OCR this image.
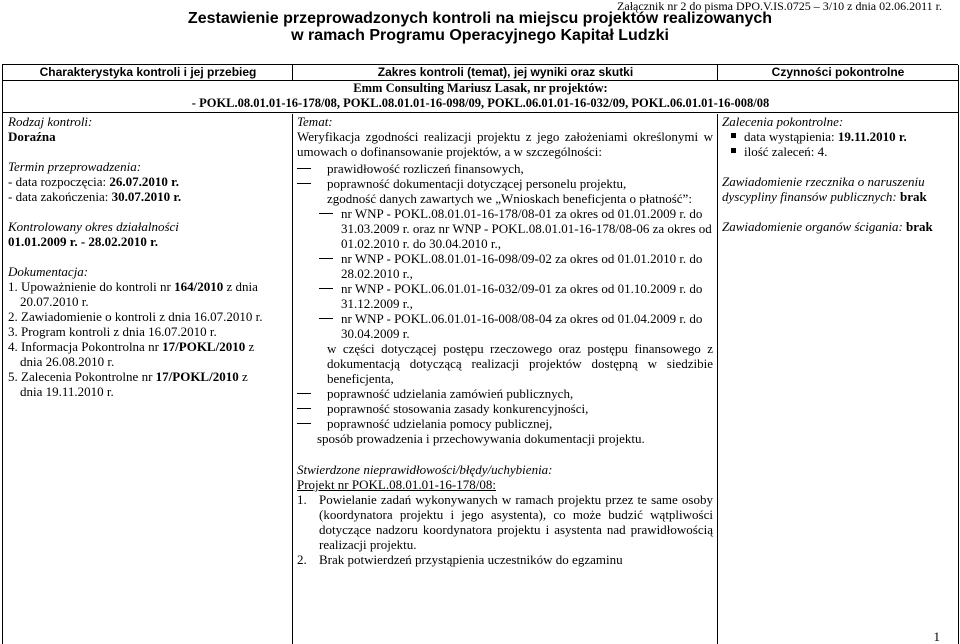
Załącznik nr 2 do pisma DPO.V.IS.0725 – 3/10 z dnia 02.06.2011 r.
Zestawienie przeprowadzonych kontroli na miejscu projektów realizowanych
w ramach Programu Operacyjnego Kapitał Ludzki
Charakterystyka kontroli i jej przebieg	Zakres kontroli (temat), jej wyniki oraz skutki	Czynności pokontrolne
Emm Consulting Mariusz Lasak, nr projektów:
- POKL.08.01.01-16-178/08, POKL.08.01.01-16-098/09, POKL.06.01.01-16-032/09, POKL.06.01.01-16-008/08
Rodzaj kontroli:
Doraźna
Termin przeprowadzenia:
- data rozpoczęcia: 26.07.2010 r.
- data zakończenia: 30.07.2010 r.
Kontrolowany okres działalności
01.01.2009 r. - 28.02.2010 r.
Dokumentacja:
1. Upoważnienie do kontroli nr 164/2010 z dnia
20.07.2010 r.
2. Zawiadomienie o kontroli z dnia 16.07.2010 r.
3. Program kontroli z dnia 16.07.2010 r.
4. Informacja Pokontrolna nr 17/POKL/2010 z
dnia 26.08.2010 r.
5. Zalecenia Pokontrolne nr 17/POKL/2010 z
dnia 19.11.2010 r.
Temat:
Weryfikacja zgodności realizacji projektu z jego założeniami określonymi w umowach o dofinansowanie projektów, a w szczególności:
prawidłowość rozliczeń finansowych,
poprawność dokumentacji dotyczącej personelu projektu,
zgodność danych zawartych we „Wnioskach beneficjenta o płatność”:
nr WNP - POKL.08.01.01-16-178/08-01 za okres od 01.01.2009 r. do 31.03.2009 r. oraz nr WNP - POKL.08.01.01-16-178/08-06 za okres od 01.02.2010 r. do 30.04.2010 r.,
nr WNP - POKL.08.01.01-16-098/09-02 za okres od 01.01.2010 r. do 28.02.2010 r.,
nr WNP - POKL.06.01.01-16-032/09-01 za okres od 01.10.2009 r. do 31.12.2009 r.,
nr WNP - POKL.06.01.01-16-008/08-04 za okres od 01.04.2009 r. do 30.04.2009 r.
w części dotyczącej postępu rzeczowego oraz postępu finansowego z dokumentacją dotyczącą realizacji projektów dostępną w siedzibie beneficjenta,
poprawność udzielania zamówień publicznych,
poprawność stosowania zasady konkurencyjności,
poprawność udzielania pomocy publicznej,
sposób prowadzenia i przechowywania dokumentacji projektu.
Stwierdzone nieprawidłowości/błędy/uchybienia:
Projekt nr POKL.08.01.01-16-178/08:
1. Powielanie zadań wykonywanych w ramach projektu przez te same osoby (koordynatora projektu i jego asystenta), co może budzić wątpliwości dotyczące nadzoru koordynatora projektu i asystenta nad prawidłowością realizacji projektu.
2. Brak potwierdzeń przystąpienia uczestników do egzaminu
Zalecenia pokontrolne:
data wystąpienia: 19.11.2010 r.
ilość zaleceń: 4.
Zawiadomienie rzecznika o naruszeniu dyscypliny finansów publicznych: brak
Zawiadomienie organów ścigania: brak
1
